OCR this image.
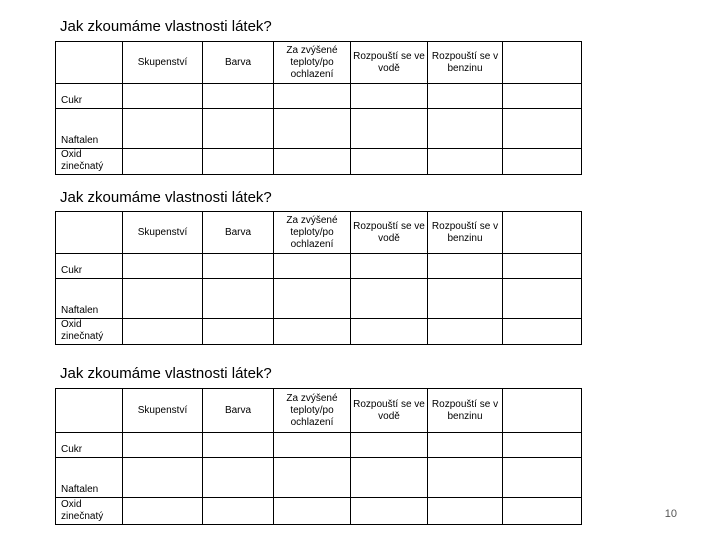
Jak zkoumáme vlastnosti látek?
	Skupenství	Barva	Za zvýšené teploty/po ochlazení	Rozpouští se ve vodě	Rozpouští se v benzinu	

Cukr						

Naftalen						

Oxid zinečnatý						

Jak zkoumáme vlastnosti látek?
	Skupenství	Barva	Za zvýšené teploty/po ochlazení	Rozpouští se ve vodě	Rozpouští se v benzinu	

Cukr						

Naftalen						

Oxid zinečnatý						

Jak zkoumáme vlastnosti látek?
	Skupenství	Barva	Za zvýšené teploty/po ochlazení	Rozpouští se ve vodě	Rozpouští se v benzinu	

Cukr						

Naftalen						

Oxid zinečnatý						
							10
